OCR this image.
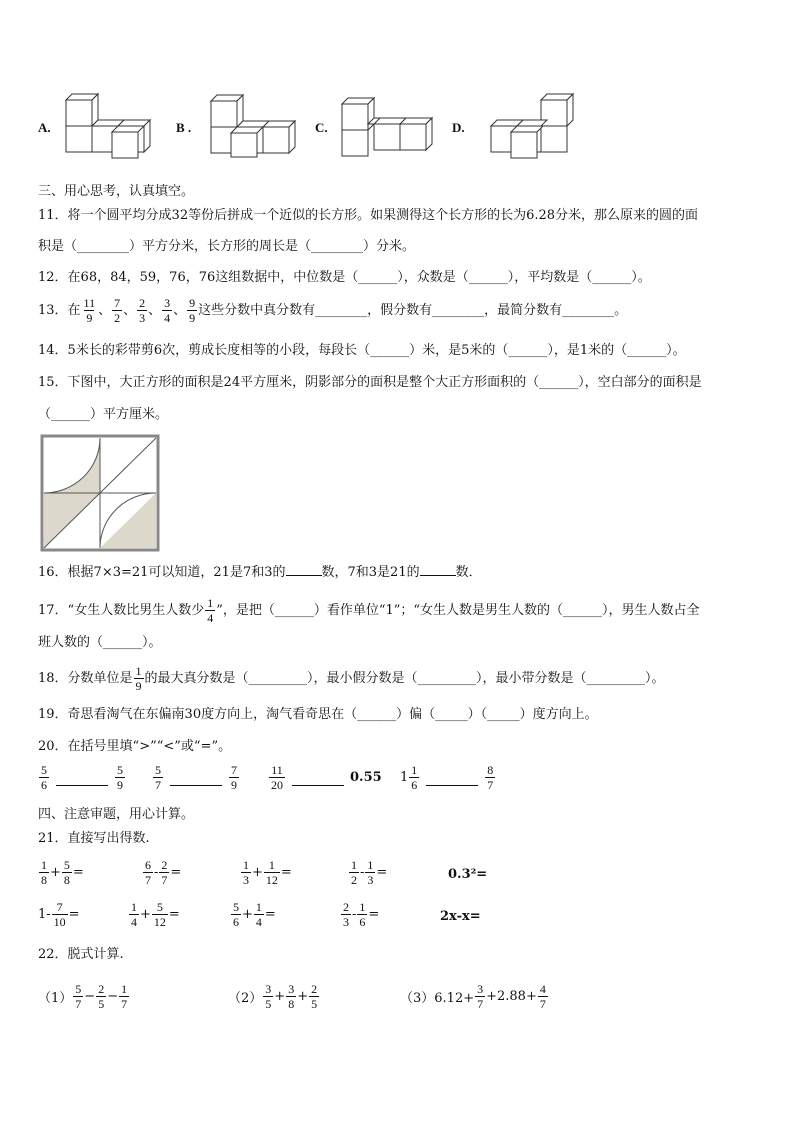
A.	B .	C.	D.
三、用心思考，认真填空。
11．将一个圆平均分成32等份后拼成一个近似的长方形。如果测得这个长方形的长为6.28分米，那么原来的圆的面
积是（________）平方分米，长方形的周长是（________）分米。
12．在68，84，59，76，76这组数据中，中位数是（______），众数是（______），平均数是（______）。
13．在 $\frac{11}{9}$ 、 $\frac{7}{2}$ 、 $\frac{2}{3}$ 、 $\frac{3}{4}$ 、 $\frac{9}{9}$ 这些分数中真分数有________，假分数有________，最简分数有________。
14．5米长的彩带剪6次，剪成长度相等的小段，每段长（______）米，是5米的（______），是1米的（______）。
15．下图中，大正方形的面积是24平方厘米，阴影部分的面积是整个大正方形面积的（______），空白部分的面积是
（______）平方厘米。
16．根据7×3=21可以知道，21是7和3的	数，7和3是21的	数．
17．“女生人数比男生人数少 $\frac{1}{4}$ ”，是把（______）看作单位“1”；“女生人数是男生人数的（______），男生人数占全
班人数的（______）。
18．分数单位是 $\frac{1}{9}$ 的最大真分数是（_________），最小假分数是（_________），最小带分数是（_________）。
19．奇思看淘气在东偏南30度方向上，淘气看奇思在（______）偏（_____）（_____）度方向上。
20．在括号里填“>”“<”或“=”。
$\frac{5}{6}$	$\frac{5}{9} \frac{5}{7}$	$\frac{7}{9}$	$\frac{11}{20}$	0.55 $1 \frac{1}{6}$	$\frac{8}{7}$
四、注意审题，用心计算。
21．直接写出得数.
$\frac{1}{8} + \frac{5}{8}$ =	$\frac{6}{7} - \frac{2}{7}$ =	$\frac{1}{3} + \frac{1}{12}$ =	$\frac{1}{2} - \frac{1}{3}$ =	0.3²=
$1- \frac{7}{10}$ =	$\frac{1}{4} + \frac{5}{12}$ =	$\frac{5}{6} + \frac{1}{4}$ =	$\frac{2}{3} - \frac{1}{6}$ =	2x-x=
22．脱式计算.
$(1) \frac{5}{7} - \frac{2}{5} - \frac{1}{7}$	$(2) \frac{3}{5} + \frac{3}{8} + \frac{2}{5}$	$(3)6.12+ \frac{3}{7} +2.88+ \frac{4}{7}$
